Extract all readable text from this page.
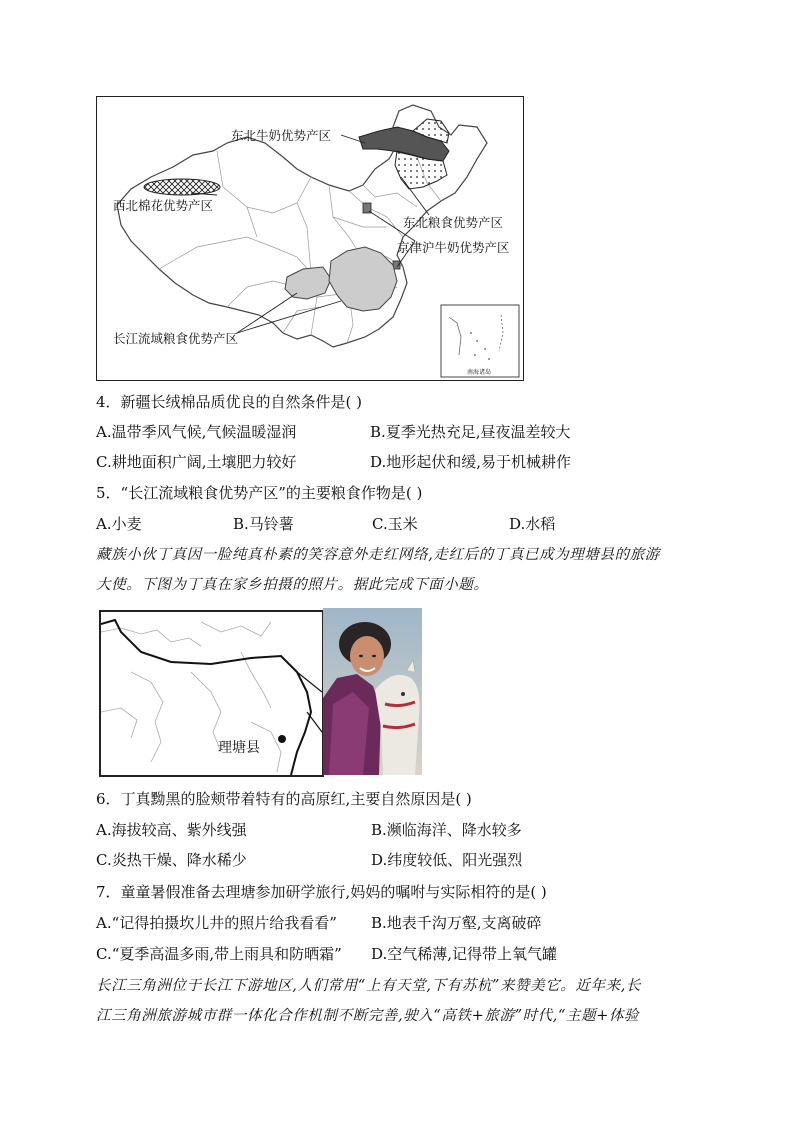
东北牛奶优势产区
西北棉花优势产区
东北粮食优势产区
京津沪牛奶优势产区
长江流域粮食优势产区
南海诸岛
4．新疆长绒棉品质优良的自然条件是( )
A.温带季风气候,气候温暖湿润	B.夏季光热充足,昼夜温差较大
C.耕地面积广阔,土壤肥力较好	D.地形起伏和缓,易于机械耕作
5．“长江流域粮食优势产区”的主要粮食作物是( )
A.小麦	B.马铃薯	C.玉米	D.水稻
藏族小伙丁真因一脸纯真朴素的笑容意外走红网络,走红后的丁真已成为理塘县的旅游
大使。下图为丁真在家乡拍摄的照片。据此完成下面小题。
理塘县
6．丁真黝黑的脸颊带着特有的高原红,主要自然原因是( )
A.海拔较高、紫外线强	B.濒临海洋、降水较多
C.炎热干燥、降水稀少	D.纬度较低、阳光强烈
7．童童暑假准备去理塘参加研学旅行,妈妈的嘱咐与实际相符的是( )
A.“记得拍摄坎儿井的照片给我看看” B.地表千沟万壑,支离破碎
C.“夏季高温多雨,带上雨具和防晒霜” D.空气稀薄,记得带上氧气罐
长江三角洲位于长江下游地区,人们常用“上有天堂,下有苏杭”来赞美它。近年来,长
江三角洲旅游城市群一体化合作机制不断完善,驶入“高铁+旅游”时代,“主题+体验
